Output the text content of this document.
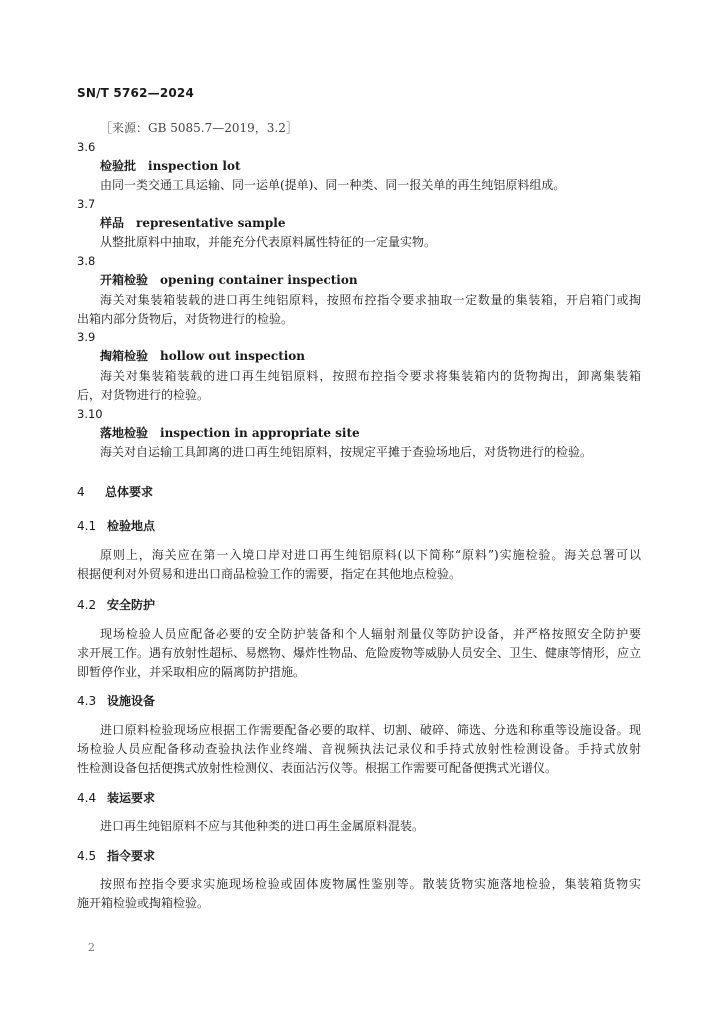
SN/T 5762—2024
［来源：GB 5085.7—2019，3.2］
3.6
检验批 inspection lot
由同一类交通工具运输、同一运单(提单)、同一种类、同一报关单的再生纯铝原料组成。
3.7
样品 representative sample
从整批原料中抽取，并能充分代表原料属性特征的一定量实物。
3.8
开箱检验 opening container inspection
海关对集装箱装载的进口再生纯铝原料，按照布控指令要求抽取一定数量的集装箱，开启箱门或掏
出箱内部分货物后，对货物进行的检验。
3.9
掏箱检验 hollow out inspection
海关对集装箱装载的进口再生纯铝原料，按照布控指令要求将集装箱内的货物掏出，卸离集装箱
后，对货物进行的检验。
3.10
落地检验 inspection in appropriate site
海关对自运输工具卸离的进口再生纯铝原料，按规定平摊于查验场地后，对货物进行的检验。
4 总体要求
4.1 检验地点
原则上，海关应在第一入境口岸对进口再生纯铝原料(以下简称“原料”)实施检验。海关总署可以
根据便利对外贸易和进出口商品检验工作的需要，指定在其他地点检验。
4.2 安全防护
现场检验人员应配备必要的安全防护装备和个人辐射剂量仪等防护设备，并严格按照安全防护要
求开展工作。遇有放射性超标、易燃物、爆炸性物品、危险废物等威胁人员安全、卫生、健康等情形，应立
即暂停作业，并采取相应的隔离防护措施。
4.3 设施设备
进口原料检验现场应根据工作需要配备必要的取样、切割、破碎、筛选、分选和称重等设施设备。现
场检验人员应配备移动查验执法作业终端、音视频执法记录仪和手持式放射性检测设备。手持式放射
性检测设备包括便携式放射性检测仪、表面沾污仪等。根据工作需要可配备便携式光谱仪。
4.4 装运要求
进口再生纯铝原料不应与其他种类的进口再生金属原料混装。
4.5 指令要求
按照布控指令要求实施现场检验或固体废物属性鉴别等。散装货物实施落地检验，集装箱货物实
施开箱检验或掏箱检验。
2
